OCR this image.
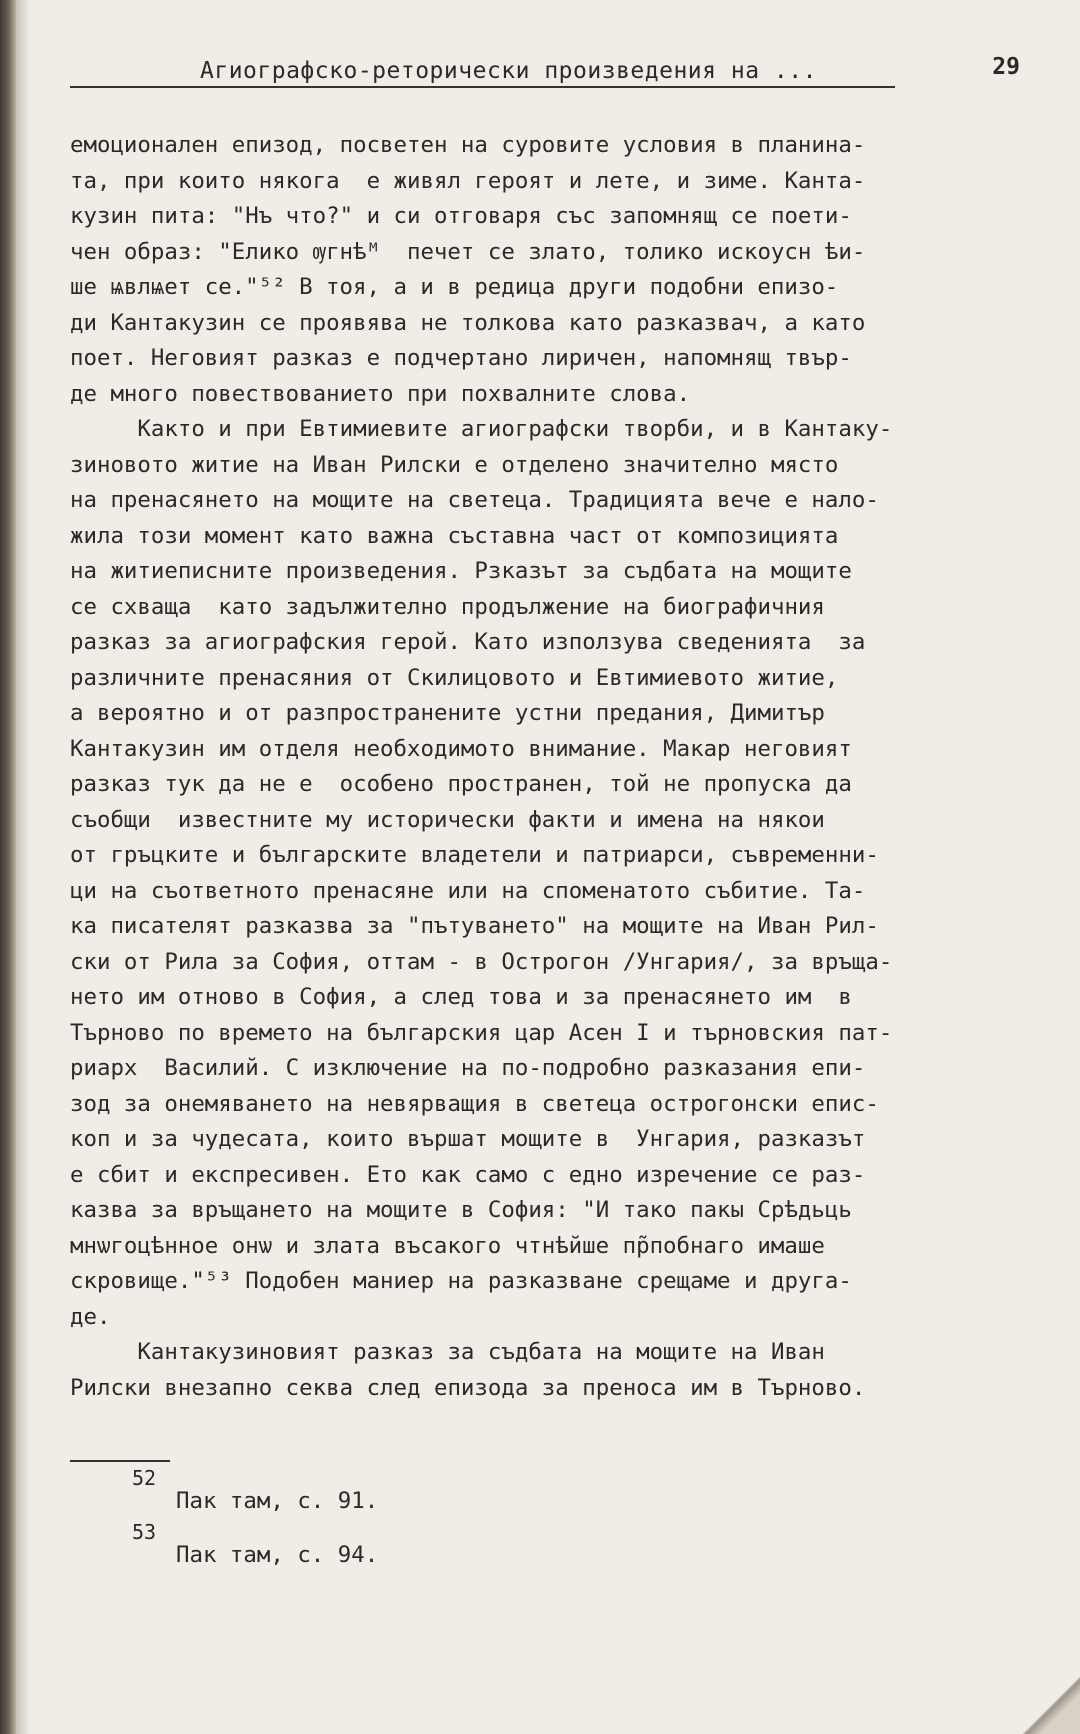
Агиографско-реторически произведения на ...	29
емоционален епизод, посветен на суровите условия в планина-
та, при които някога  е живял героят и лете, и зиме. Канта-
кузин пита: "Нъ что?" и си отговаря със запомнящ се поети-
чен образ: "Елико ѹгнѣᴹ  печет се злато, толико искоусн ѣи-
ше ѩвлѩет се."⁵² В тоя, а и в редица други подобни епизо-
ди Кантакузин се проявява не толкова като разказвач, а като
поет. Неговият разказ е подчертано лиричен, напомнящ твър-
де много повествованието при похвалните слова.
Както и при Евтимиевите агиографски творби, и в Кантаку-
зиновото житие на Иван Рилски е отделено значително място
на пренасянето на мощите на светеца. Традицията вече е нало-
жила този момент като важна съставна част от композицията
на житиеписните произведения. Рзказът за съдбата на мощите
се схваща  като задължително продължение на биографичния
разказ за агиографския герой. Като използува сведенията  за
различните пренасяния от Скилицовото и Евтимиевото житие,
а вероятно и от разпространените устни предания, Димитър
Кантакузин им отделя необходимото внимание. Макар неговият
разказ тук да не е  особено пространен, той не пропуска да
съобщи  известните му исторически факти и имена на някои
от гръцките и българските владетели и патриарси, съвременни-
ци на съответното пренасяне или на споменатото събитие. Та-
ка писателят разказва за "пътуването" на мощите на Иван Рил-
ски от Рила за София, оттам - в Острогон /Унгария/, за връща-
нето им отново в София, а след това и за пренасянето им  в
Търново по времето на българския цар Асен I и търновския пат-
риарх  Василий. С изключение на по-подробно разказания епи-
зод за онемяването на невярващия в светеца острогонски епис-
коп и за чудесата, които вършат мощите в  Унгария, разказът
е сбит и експресивен. Ето как само с едно изречение се раз-
казва за връщането на мощите в София: "И тако пакы Срѣдьць
мнѡгоцѣнное онѡ и злата въсакого чтнѣйше пр̃побнаго имаше
скровище."⁵³ Подобен маниер на разказване срещаме и друга-
де.
Кантакузиновият разказ за съдбата на мощите на Иван
Рилски внезапно секва след епизода за преноса им в Търново.
52
Пак там, с. 91.
53
Пак там, с. 94.
